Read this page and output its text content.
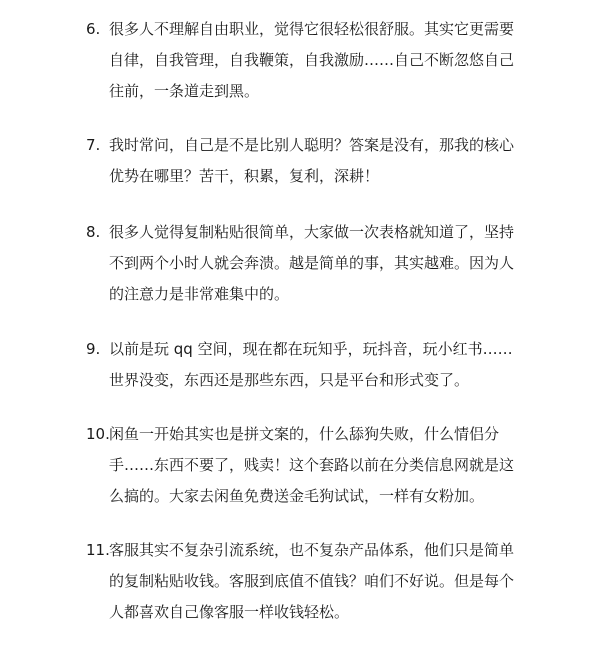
6. 很多人不理解自由职业，觉得它很轻松很舒服。其实它更需要
自律，自我管理，自我鞭策，自我激励……自己不断忽悠自己
往前，一条道走到黑。
7. 我时常问，自己是不是比别人聪明？答案是没有，那我的核心
优势在哪里？苦干，积累，复利，深耕！
8. 很多人觉得复制粘贴很简单，大家做一次表格就知道了，坚持
不到两个小时人就会奔溃。越是简单的事，其实越难。因为人
的注意力是非常难集中的。
9. 以前是玩 qq 空间，现在都在玩知乎，玩抖音，玩小红书……
世界没变，东西还是那些东西，只是平台和形式变了。
10. 闲鱼一开始其实也是拼文案的，什么舔狗失败，什么情侣分
手……东西不要了，贱卖！这个套路以前在分类信息网就是这
么搞的。大家去闲鱼免费送金毛狗试试，一样有女粉加。
11. 客服其实不复杂引流系统，也不复杂产品体系，他们只是简单
的复制粘贴收钱。客服到底值不值钱？咱们不好说。但是每个
人都喜欢自己像客服一样收钱轻松。
